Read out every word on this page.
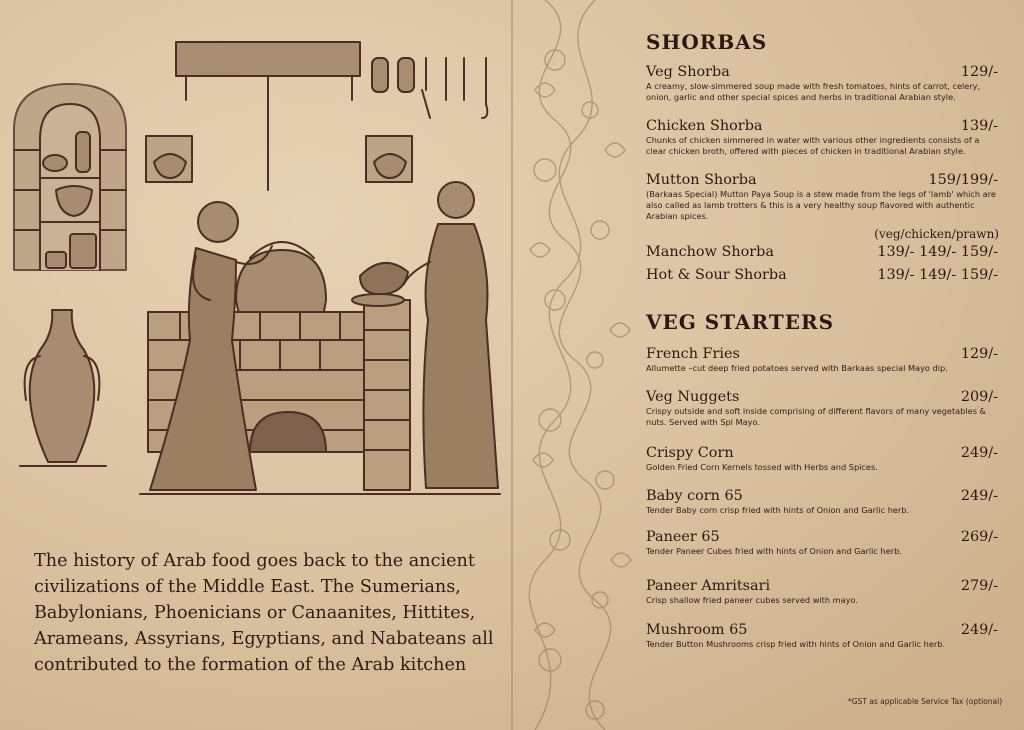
The history of Arab food goes back to the ancient civilizations of the Middle East. The Sumerians, Babylonians, Phoenicians or Canaanites, Hittites, Arameans, Assyrians, Egyptians, and Nabateans all contributed to the formation of the Arab kitchen

SHORBAS
Veg Shorba	129/-
A creamy, slow-simmered soup made with fresh tomatoes, hints of carrot, celery, onion, garlic and other special spices and herbs in traditional Arabian style.
Chicken Shorba	139/-
Chunks of chicken simmered in water with various other ingredients consists of a clear chicken broth, offered with pieces of chicken in traditional Arabian style.
Mutton Shorba	159/199/-
(Barkaas Special) Mutton Paya Soup is a stew made from the legs of 'lamb' which are also called as lamb trotters & this is a very healthy soup flavored with authentic Arabian spices.
(veg/chicken/prawn)
Manchow Shorba	139/- 149/- 159/-
Hot & Sour Shorba	139/- 149/- 159/-
VEG STARTERS
French Fries	129/-
Allumette –cut deep fried potatoes served with Barkaas special Mayo dip.
Veg Nuggets	209/-
Crispy outside and soft inside comprising of different flavors of many vegetables & nuts. Served with Spl Mayo.
Crispy Corn	249/-
Golden Fried Corn Kernels tossed with Herbs and Spices.
Baby corn 65	249/-
Tender Baby corn crisp fried with hints of Onion and Garlic herb.
Paneer 65	269/-
Tender Paneer Cubes fried with hints of Onion and Garlic herb.
Paneer Amritsari	279/-
Crisp shallow fried paneer cubes served with mayo.
Mushroom 65	249/-
Tender Button Mushrooms crisp fried with hints of Onion and Garlic herb.
*GST as applicable Service Tax (optional)
